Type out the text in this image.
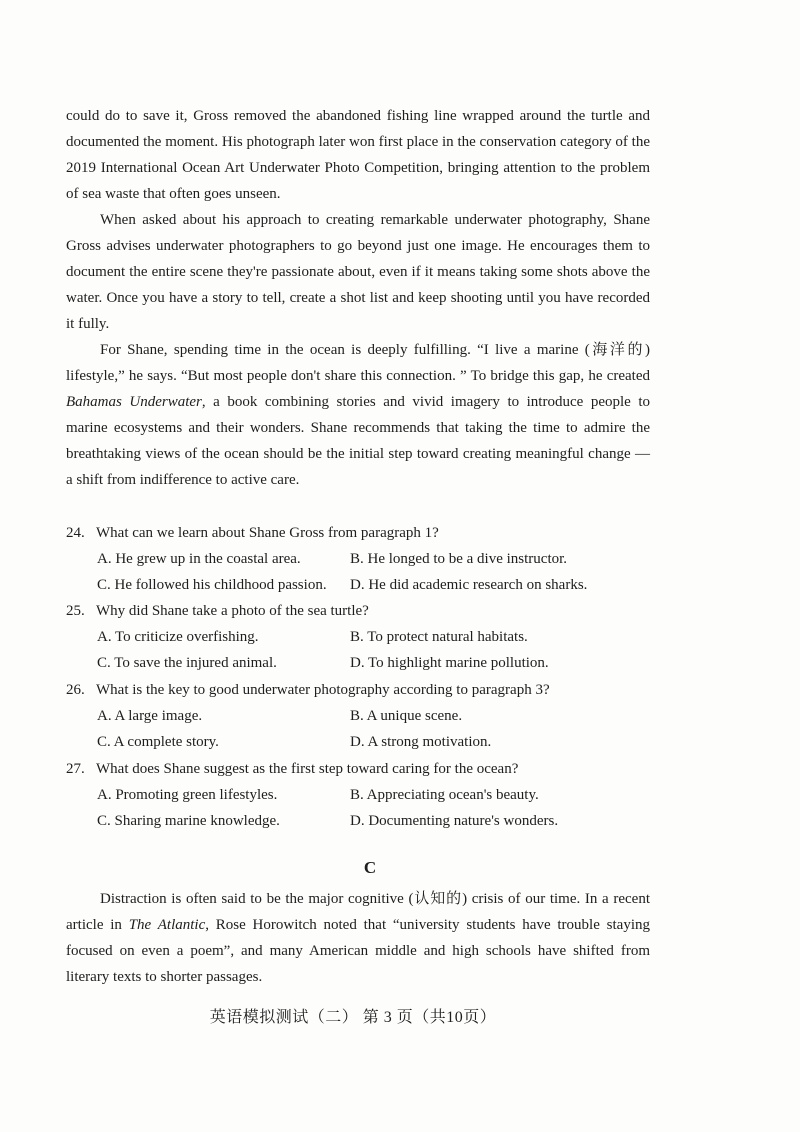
could do to save it, Gross removed the abandoned fishing line wrapped around the turtle and documented the moment. His photograph later won first place in the conservation category of the 2019 International Ocean Art Underwater Photo Competition, bringing attention to the problem of sea waste that often goes unseen.

When asked about his approach to creating remarkable underwater photography, Shane Gross advises underwater photographers to go beyond just one image. He encourages them to document the entire scene they're passionate about, even if it means taking some shots above the water. Once you have a story to tell, create a shot list and keep shooting until you have recorded it fully.

For Shane, spending time in the ocean is deeply fulfilling. “I live a marine (海洋的) lifestyle,” he says. “But most people don't share this connection. ” To bridge this gap, he created Bahamas Underwater, a book combining stories and vivid imagery to introduce people to marine ecosystems and their wonders. Shane recommends that taking the time to admire the breathtaking views of the ocean should be the initial step toward creating meaningful change — a shift from indifference to active care.

24. What can we learn about Shane Gross from paragraph 1?
A. He grew up in the coastal area.	B. He longed to be a dive instructor.
C. He followed his childhood passion. D. He did academic research on sharks.
25. Why did Shane take a photo of the sea turtle?
A. To criticize overfishing.	B. To protect natural habitats.
C. To save the injured animal.	D. To highlight marine pollution.
26. What is the key to good underwater photography according to paragraph 3?
A. A large image.	B. A unique scene.
C. A complete story.	D. A strong motivation.
27. What does Shane suggest as the first step toward caring for the ocean?
A. Promoting green lifestyles.	B. Appreciating ocean's beauty.
C. Sharing marine knowledge.	D. Documenting nature's wonders.
C

Distraction is often said to be the major cognitive (认知的) crisis of our time. In a recent article in The Atlantic, Rose Horowitch noted that “university students have trouble staying focused on even a poem”, and many American middle and high schools have shifted from literary texts to shorter passages.

英语模拟测试（二） 第 3 页（共10页）
